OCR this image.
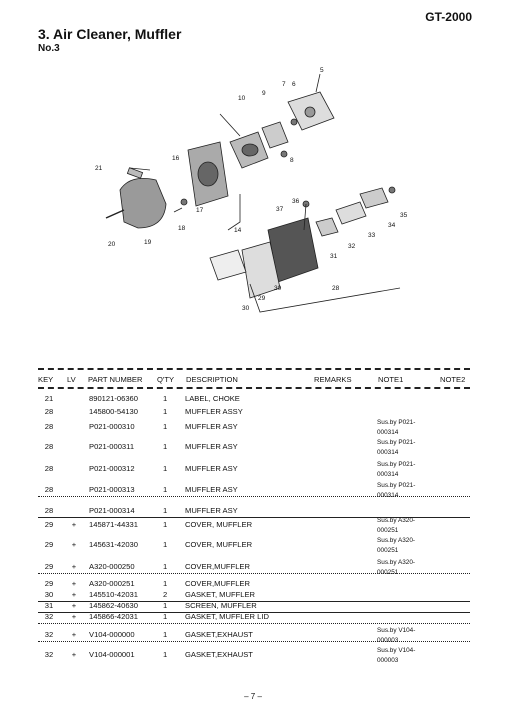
GT-2000
3. Air Cleaner, Muffler
No.3
5
10
9
7 6
8
16
21
20	19
18
17
14
36
37
31
32
33
34
35
30
29
30
28
KEY LV PART NUMBER Q'TY DESCRIPTION	REMARKS	NOTE1	NOTE2
21	890121-06360	1 LABEL, CHOKE
28	145800-54130	1 MUFFLER ASSY
28	P021-000310	1 MUFFLER ASY	Sus.by P021-
000314
28	P021-000311	1 MUFFLER ASY	Sus.by P021-
000314
28	P021-000312	1 MUFFLER ASY	Sus.by P021-
000314
28	P021-000313	1 MUFFLER ASY	Sus.by P021-
000314
28	P021-000314	1 MUFFLER ASY
29	+ 145871-44331	1 COVER, MUFFLER	Sus.by A320-
000251
29	+ 145631-42030	1 COVER, MUFFLER	Sus.by A320-
000251
29	+ A320-000250	1 COVER,MUFFLER	Sus.by A320-
000251
29	+ A320-000251	1 COVER,MUFFLER
30	+ 145510-42031	2 GASKET, MUFFLER
31	+ 145862-40630	1 SCREEN, MUFFLER
32	+ 145866-42031	1 GASKET, MUFFLER LID
32	+ V104-000000	1 GASKET,EXHAUST	Sus.by V104-
000003
32	+ V104-000001	1 GASKET,EXHAUST	Sus.by V104-
000003
– 7 –
